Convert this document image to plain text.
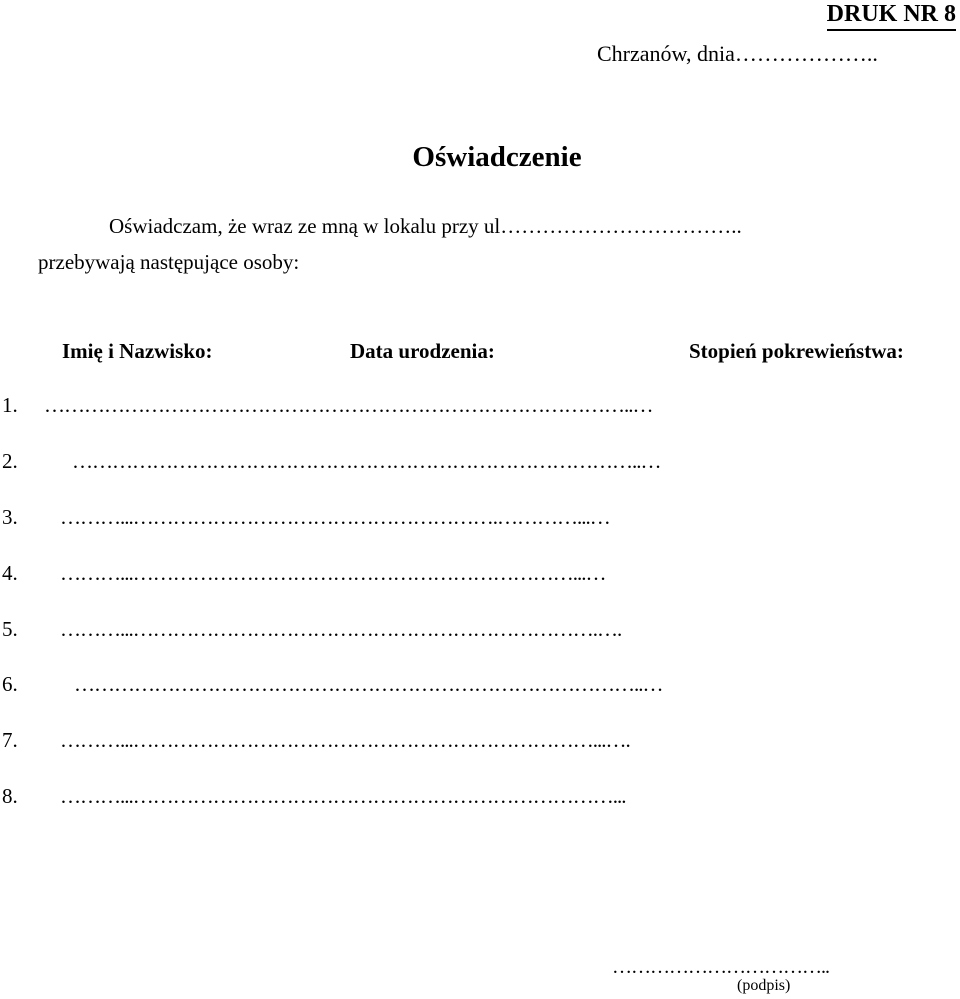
DRUK NR 8
Chrzanów, dnia………………..
Oświadczenie
Oświadczam, że wraz ze mną w lokalu przy ul……………………………..
przebywają następujące osoby:
Imię i Nazwisko:	Data urodzenia:	Stopień pokrewieństwa:
1. ……………………………………………………………………………..…
2.	…………………………………………………………………………..…
3. ………...……………………………………………….…………...…
4. ………...…………………………………………………………...…
5. ………...…………………………………………………………….….
6.	…………………………………………………………………………..…
7. ………...……………………………………………………………...….
8. ………...………………………………………………………………...
……………………………..
(podpis)
